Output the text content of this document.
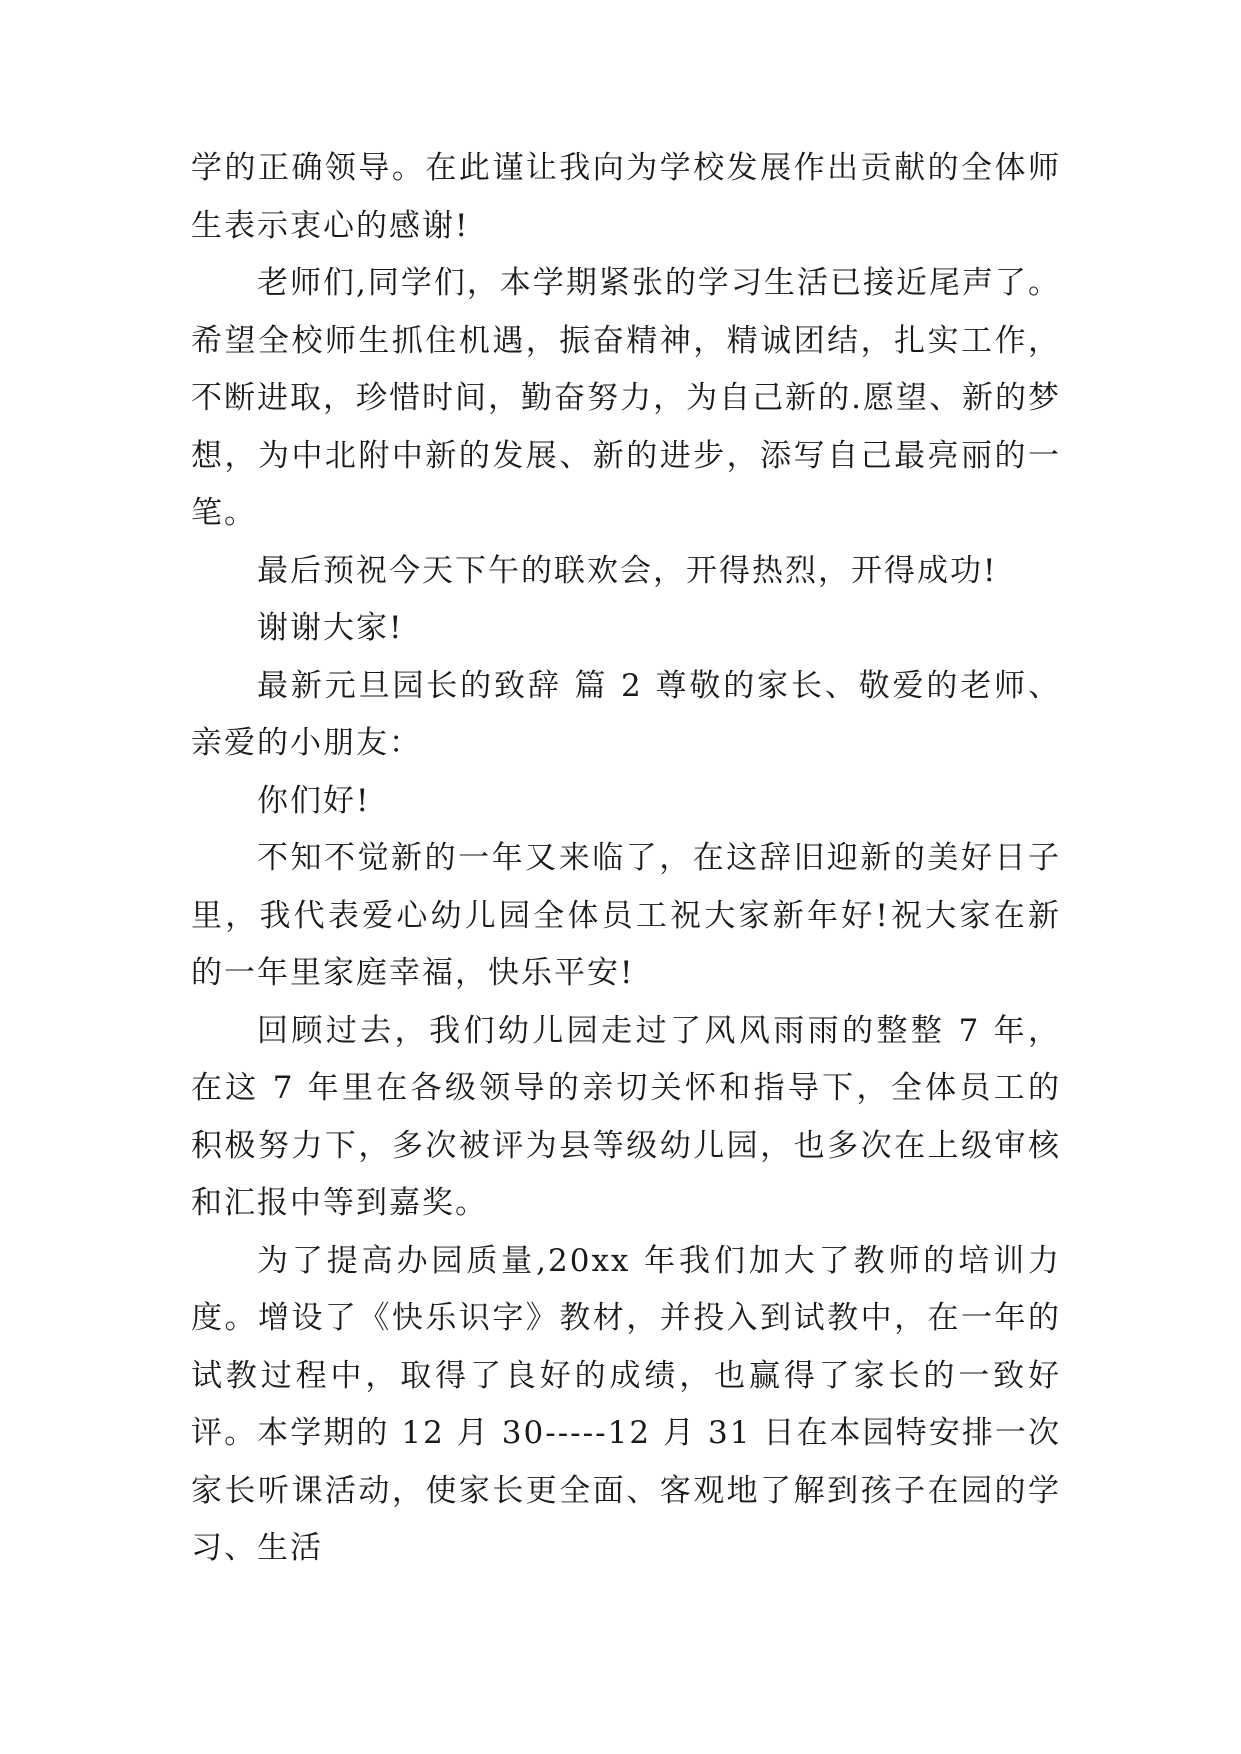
学的正确领导。在此谨让我向为学校发展作出贡献的全体师生表示衷心的感谢!

老师们,同学们，本学期紧张的学习生活已接近尾声了。希望全校师生抓住机遇，振奋精神，精诚团结，扎实工作，不断进取，珍惜时间，勤奋努力，为自己新的.愿望、新的梦想，为中北附中新的发展、新的进步，添写自己最亮丽的一笔。

最后预祝今天下午的联欢会，开得热烈，开得成功!

谢谢大家!

最新元旦园长的致辞 篇 2 尊敬的家长、敬爱的老师、亲爱的小朋友：

你们好!

不知不觉新的一年又来临了，在这辞旧迎新的美好日子里，我代表爱心幼儿园全体员工祝大家新年好!祝大家在新的一年里家庭幸福，快乐平安!

回顾过去，我们幼儿园走过了风风雨雨的整整 7 年，在这 7 年里在各级领导的亲切关怀和指导下，全体员工的积极努力下，多次被评为县等级幼儿园，也多次在上级审核和汇报中等到嘉奖。

为了提高办园质量,20xx 年我们加大了教师的培训力度。增设了《快乐识字》教材，并投入到试教中，在一年的试教过程中，取得了良好的成绩，也赢得了家长的一致好评。本学期的 12 月 30-----12 月 31 日在本园特安排一次家长听课活动，使家长更全面、客观地了解到孩子在园的学习、生活
